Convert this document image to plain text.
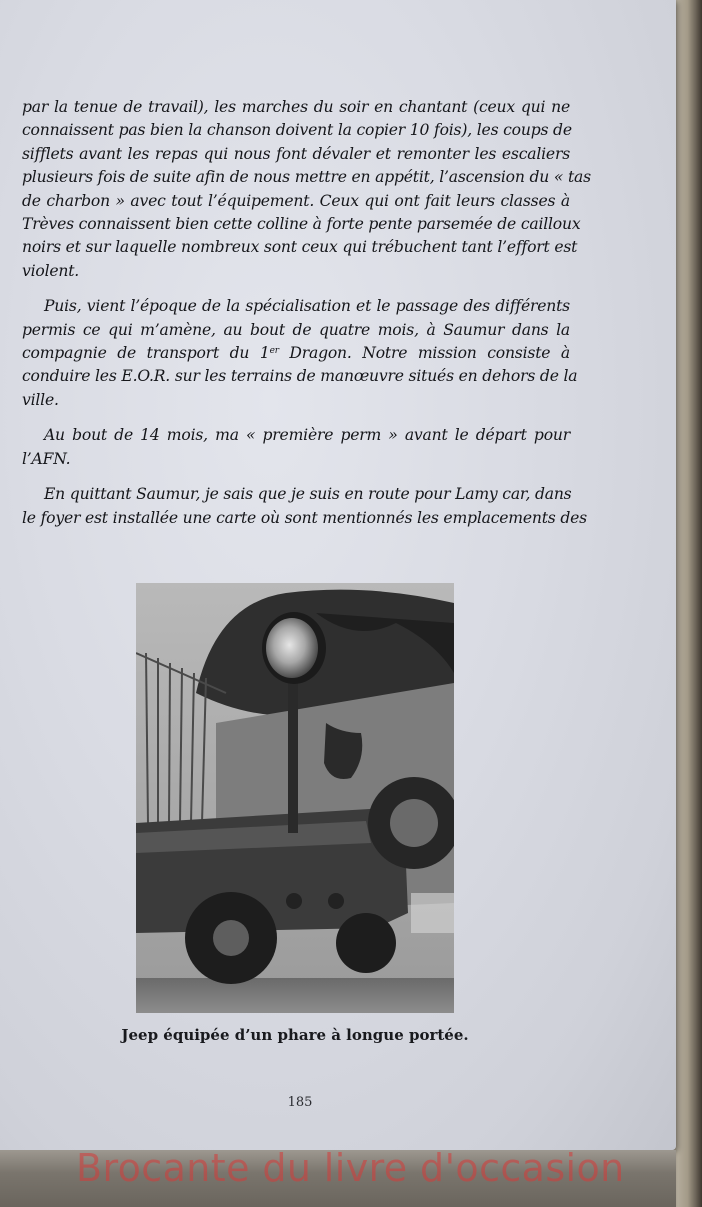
par la tenue de travail), les marches du soir en chantant (ceux qui ne
connaissent pas bien la chanson doivent la copier 10 fois), les coups de
sifflets avant les repas qui nous font dévaler et remonter les escaliers
plusieurs fois de suite afin de nous mettre en appétit, l’ascension du « tas
de charbon » avec tout l’équipement. Ceux qui ont fait leurs classes à
Trèves connaissent bien cette colline à forte pente parsemée de cailloux
noirs et sur laquelle nombreux sont ceux qui trébuchent tant l’effort est
violent.

Puis, vient l’époque de la spécialisation et le passage des différents
permis ce qui m’amène, au bout de quatre mois, à Saumur dans la
compagnie de transport du 1er Dragon. Notre mission consiste à
conduire les E.O.R. sur les terrains de manœuvre situés en dehors de la
ville.

Au bout de 14 mois, ma « première perm » avant le départ pour
l’AFN.

En quittant Saumur, je sais que je suis en route pour Lamy car, dans
le foyer est installée une carte où sont mentionnés les emplacements des

Jeep équipée d’un phare à longue portée.
185
Brocante du livre d'occasion
